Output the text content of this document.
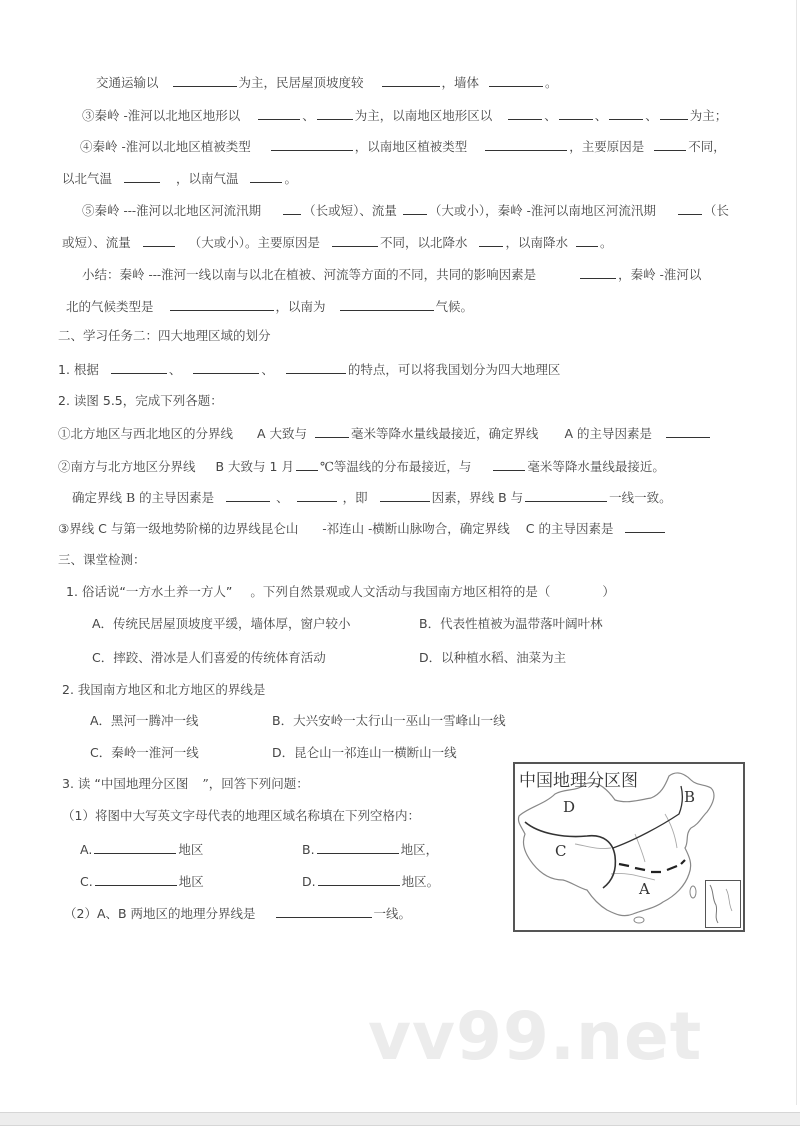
交通运输以	为主，民居屋顶坡度较	，墙体	。
③秦岭 -淮河以北地区地形以	、	为主，以南地区地形区以	、	、	、	为主；
④秦岭 -淮河以北地区植被类型	，以南地区植被类型	，主要原因是	不同，
以北气温	，以南气温	。
⑤秦岭 ---淮河以北地区河流汛期	（长或短）、流量	（大或小），秦岭 -淮河以南地区河流汛期	（长
或短）、流量	（大或小）。主要原因是	不同，以北降水	，以南降水	。
小结：秦岭 ---淮河一线以南与以北在植被、河流等方面的不同，共同的影响因素是	，秦岭 -淮河以
北的气候类型是	，以南为	气候。
二、学习任务二：四大地理区域的划分
1. 根据	、	、	的特点，可以将我国划分为四大地理区
2. 读图 5.5，完成下列各题：
①北方地区与西北地区的分界线 A 大致与	毫米等降水量线最接近，确定界线 A 的主导因素是
②南方与北方地区分界线 B 大致与 1 月 ℃等温线的分布最接近，与	毫米等降水量线最接近。
确定界线 B 的主导因素是	、	，即	因素，界线 B 与	一线一致。
③界线 C 与第一级地势阶梯的边界线昆仑山 -祁连山 -横断山脉吻合，确定界线 C 的主导因素是
三、课堂检测：
1. 俗话说“一方水土养一方人” 。下列自然景观或人文活动与我国南方地区相符的是（	）
A．传统民居屋顶坡度平缓，墙体厚，窗户较小	B．代表性植被为温带落叶阔叶林
C．摔跤、滑冰是人们喜爱的传统体育活动	D．以种植水稻、油菜为主
2. 我国南方地区和北方地区的界线是
A．黑河一腾冲一线	B．大兴安岭一太行山一巫山一雪峰山一线
C．秦岭一淮河一线	D．昆仑山一祁连山一横断山一线
3. 读 “中国地理分区图 ”，回答下列问题：
（1）将图中大写英文字母代表的地理区域名称填在下列空格内：
A.	地区	B.	地区，
C.	地区	D.	地区。
（2）A、B 两地区的地理分界线是	一线。
中国地理分区图
D
B
C
A
vv99.net
